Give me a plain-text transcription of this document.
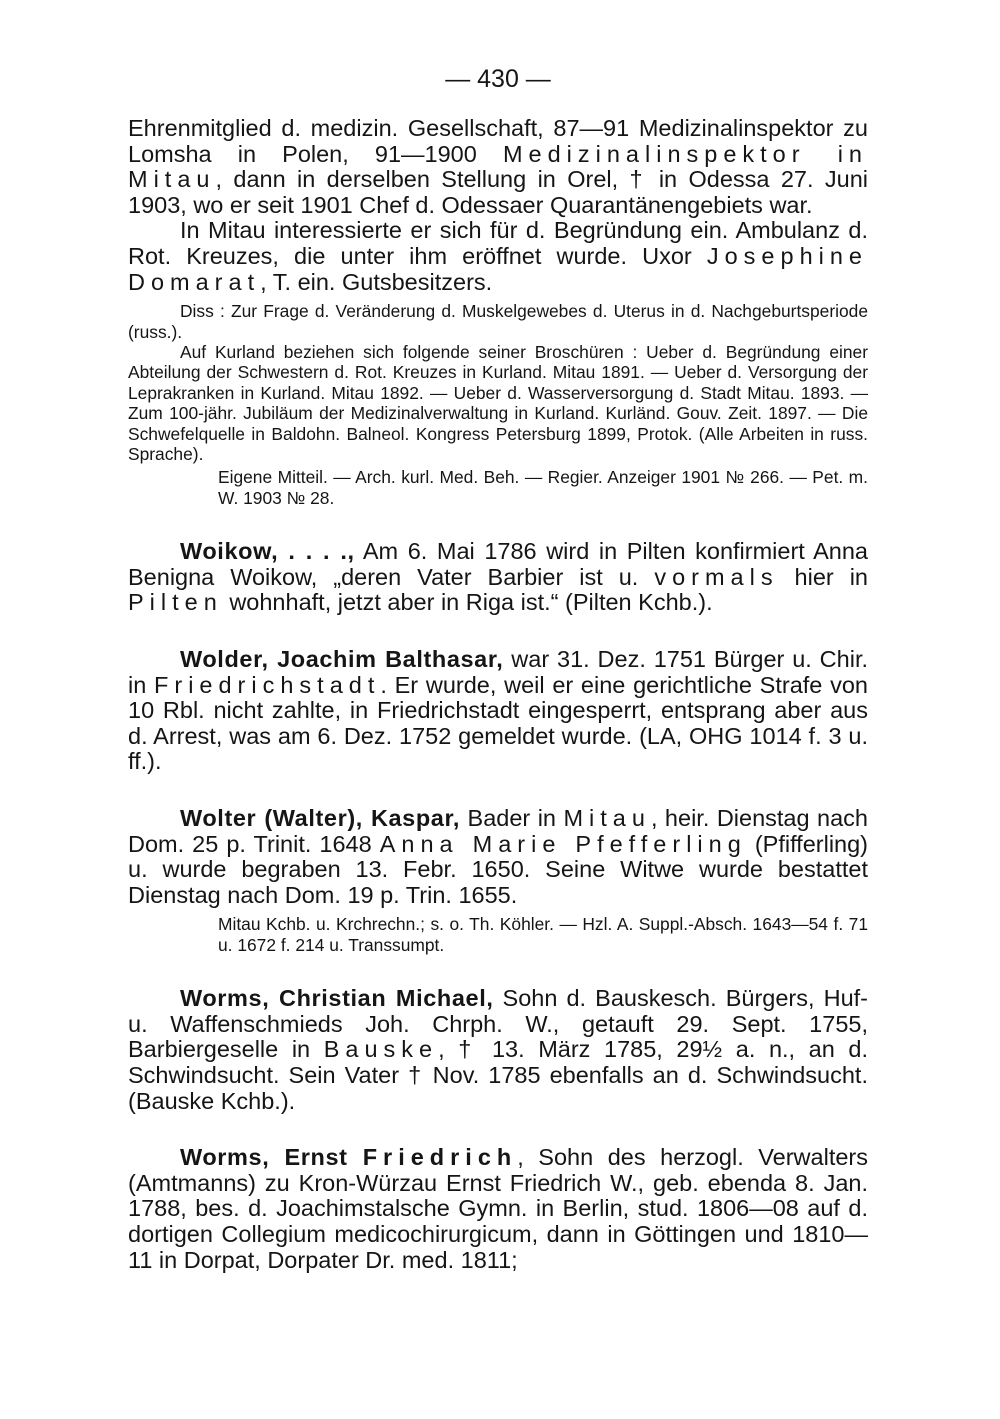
— 430 —

Ehrenmitglied d. medizin. Gesellschaft, 87—91 Medizinalinspektor zu Lomsha in Polen, 91—1900 Medizinalinspektor in Mitau, dann in derselben Stellung in Orel, † in Odessa 27. Juni 1903, wo er seit 1901 Chef d. Odessaer Quarantänengebiets war.

In Mitau interessierte er sich für d. Begründung ein. Ambulanz d. Rot. Kreuzes, die unter ihm eröffnet wurde. Uxor Josephine Domarat, T. ein. Gutsbesitzers.

Diss : Zur Frage d. Veränderung d. Muskelgewebes d. Uterus in d. Nachgeburtsperiode (russ.).

Auf Kurland beziehen sich folgende seiner Broschüren : Ueber d. Begründung einer Abteilung der Schwestern d. Rot. Kreuzes in Kurland. Mitau 1891. — Ueber d. Versorgung der Leprakranken in Kurland. Mitau 1892. — Ueber d. Wasserversorgung d. Stadt Mitau. 1893. — Zum 100-jähr. Jubiläum der Medizinalverwaltung in Kurland. Kurländ. Gouv. Zeit. 1897. — Die Schwefelquelle in Baldohn. Balneol. Kongress Petersburg 1899, Protok. (Alle Arbeiten in russ. Sprache).

Eigene Mitteil. — Arch. kurl. Med. Beh. — Regier. Anzeiger 1901 № 266. — Pet. m. W. 1903 № 28.

Woikow, . . . ., Am 6. Mai 1786 wird in Pilten konfirmiert Anna Benigna Woikow, „deren Vater Barbier ist u. vormals hier in Pilten wohnhaft, jetzt aber in Riga ist.“ (Pilten Kchb.).

Wolder, Joachim Balthasar, war 31. Dez. 1751 Bürger u. Chir. in Friedrichstadt. Er wurde, weil er eine gerichtliche Strafe von 10 Rbl. nicht zahlte, in Friedrichstadt eingesperrt, entsprang aber aus d. Arrest, was am 6. Dez. 1752 gemeldet wurde. (LA, OHG 1014 f. 3 u. ff.).

Wolter (Walter), Kaspar, Bader in Mitau, heir. Dienstag nach Dom. 25 p. Trinit. 1648 Anna Marie Pfefferling (Pfifferling) u. wurde begraben 13. Febr. 1650. Seine Witwe wurde bestattet Dienstag nach Dom. 19 p. Trin. 1655.

Mitau Kchb. u. Krchrechn.; s. o. Th. Köhler. — Hzl. A. Suppl.-Absch. 1643—54 f. 71 u. 1672 f. 214 u. Transsumpt.

Worms, Christian Michael, Sohn d. Bauskesch. Bürgers, Huf- u. Waffenschmieds Joh. Chrph. W., getauft 29. Sept. 1755, Barbiergeselle in Bauske, † 13. März 1785, 29½ a. n., an d. Schwindsucht. Sein Vater † Nov. 1785 ebenfalls an d. Schwindsucht. (Bauske Kchb.).

Worms, Ernst Friedrich, Sohn des herzogl. Verwalters (Amtmanns) zu Kron-Würzau Ernst Friedrich W., geb. ebenda 8. Jan. 1788, bes. d. Joachimstalsche Gymn. in Berlin, stud. 1806—08 auf d. dortigen Collegium medicochirurgicum, dann in Göttingen und 1810—11 in Dorpat, Dorpater Dr. med. 1811;
